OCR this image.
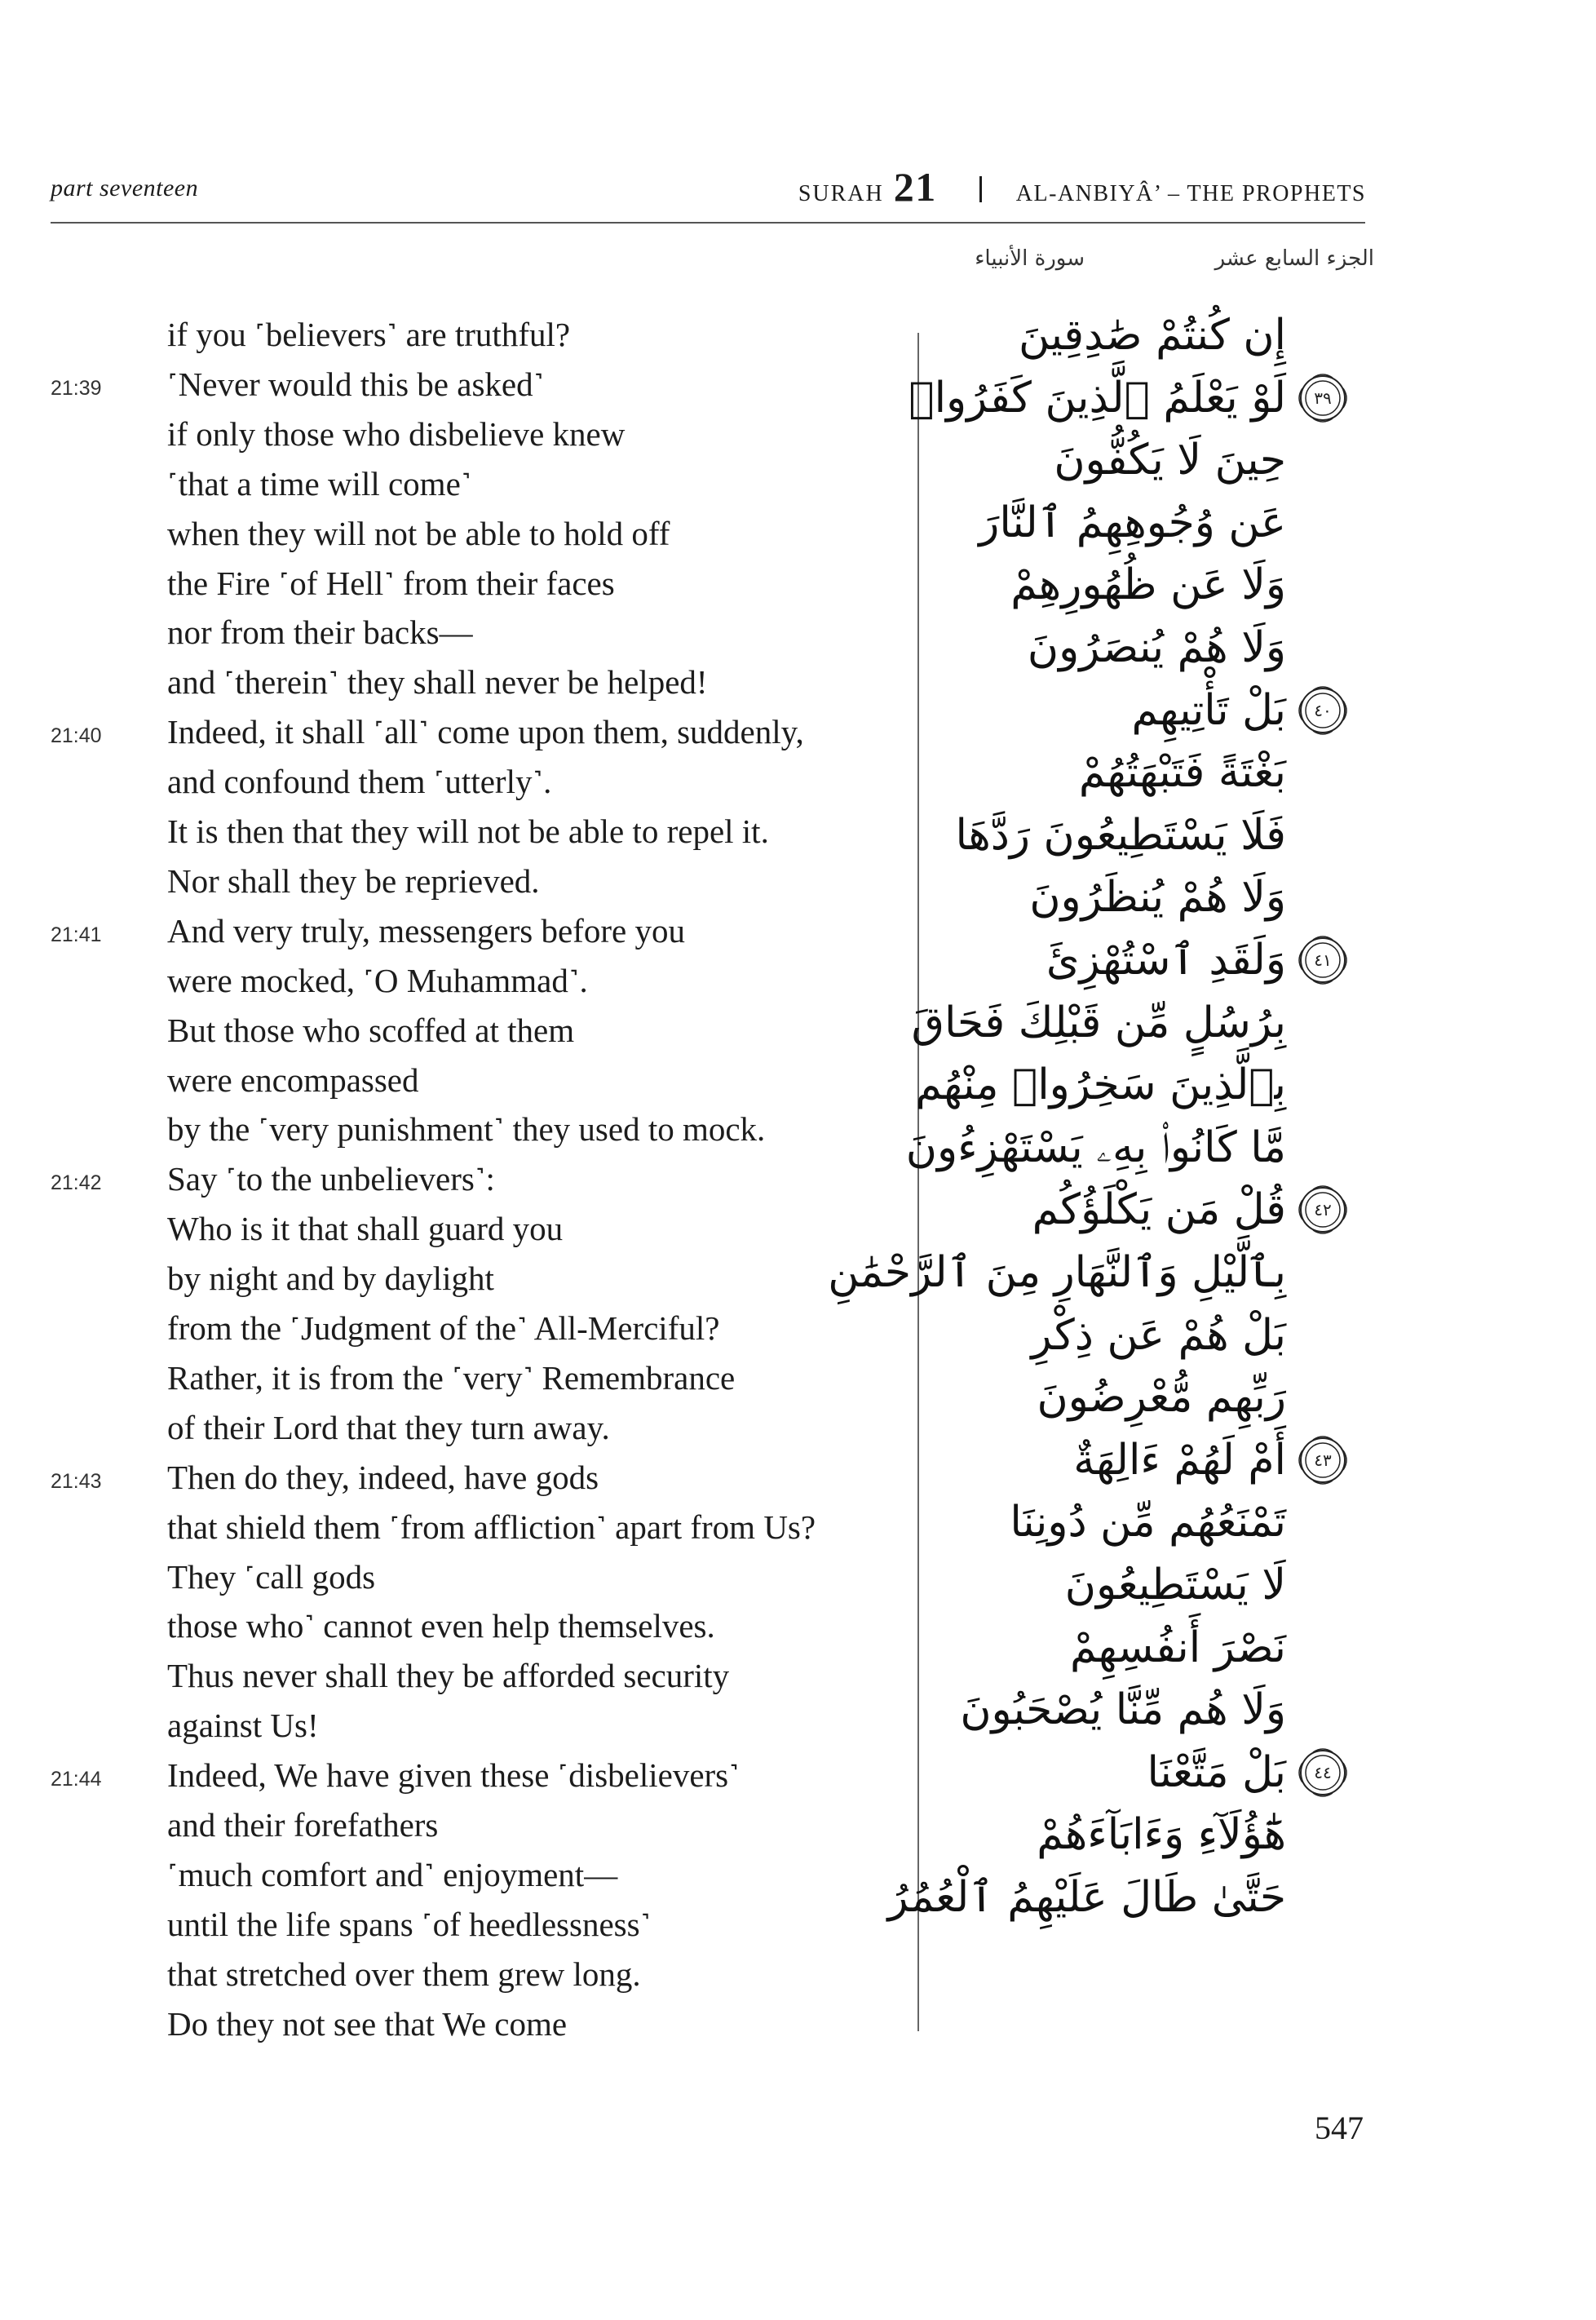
part seventeen	SURAH 21	AL-ANBIYÂ’ – THE PROPHETS
الجزء السابع عشر
سورة الأنبياء
if you ˹believers˺ are truthful?
˹Never would this be asked˺
21:39
if only those who disbelieve knew
˹that a time will come˺
when they will not be able to hold off
the Fire ˹of Hell˺ from their faces
nor from their backs—
and ˹therein˺ they shall never be helped!
Indeed, it shall ˹all˺ come upon them, suddenly,
21:40
and confound them ˹utterly˺.
It is then that they will not be able to repel it.
Nor shall they be reprieved.
And very truly, messengers before you
21:41
were mocked, ˹O Muhammad˺.
But those who scoffed at them
were encompassed
by the ˹very punishment˺ they used to mock.
Say ˹to the unbelievers˺:
21:42
Who is it that shall guard you
by night and by daylight
from the ˹Judgment of the˺ All-Merciful?
Rather, it is from the ˹very˺ Remembrance
of their Lord that they turn away.
Then do they, indeed, have gods
21:43
that shield them ˹from affliction˺ apart from Us?
They ˹call gods
those who˺ cannot even help themselves.
Thus never shall they be afforded security
against Us!
Indeed, We have given these ˹disbelievers˺
21:44
and their forefathers
˹much comfort and˺ enjoyment—
until the life spans ˹of heedlessness˺
that stretched over them grew long.
Do they not see that We come
إِن كُنتُمْ صَٰدِقِينَ
لَوْ يَعْلَمُ ٱلَّذِينَ كَفَرُوا۟	٣٩
حِينَ لَا يَكُفُّونَ
عَن وُجُوهِهِمُ ٱلنَّارَ
وَلَا عَن ظُهُورِهِمْ
وَلَا هُمْ يُنصَرُونَ
بَلْ تَأْتِيهِم	٤٠
بَغْتَةً فَتَبْهَتُهُمْ
فَلَا يَسْتَطِيعُونَ رَدَّهَا
وَلَا هُمْ يُنظَرُونَ
وَلَقَدِ ٱسْتُهْزِئَ	٤١
بِرُسُلٍ مِّن قَبْلِكَ فَحَاقَ
بِٱلَّذِينَ سَخِرُوا۟ مِنْهُم
مَّا كَانُوا۟ بِهِۦ يَسْتَهْزِءُونَ
قُلْ مَن يَكْلَؤُكُم	٤٢
بِٱلَّيْلِ وَٱلنَّهَارِ مِنَ ٱلرَّحْمَٰنِ
بَلْ هُمْ عَن ذِكْرِ
رَبِّهِم مُّعْرِضُونَ
أَمْ لَهُمْ ءَالِهَةٌ	٤٣
تَمْنَعُهُم مِّن دُونِنَا
لَا يَسْتَطِيعُونَ
نَصْرَ أَنفُسِهِمْ
وَلَا هُم مِّنَّا يُصْحَبُونَ
بَلْ مَتَّعْنَا	٤٤
هَٰٓؤُلَآءِ وَءَابَآءَهُمْ
حَتَّىٰ طَالَ عَلَيْهِمُ ٱلْعُمُرُ
547
